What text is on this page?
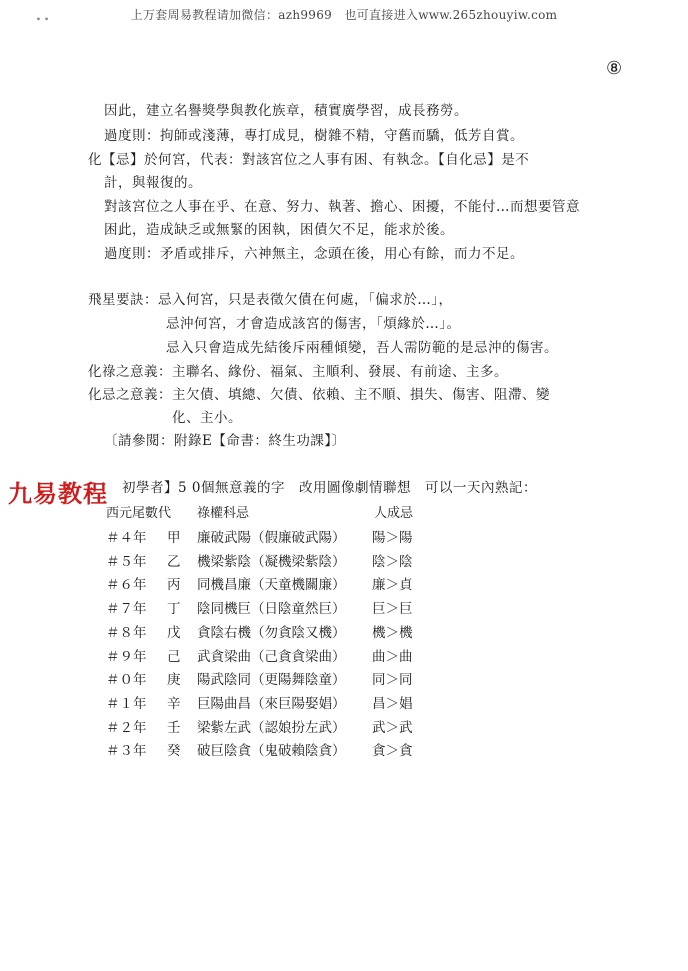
上万套周易教程请加微信：azh9969　也可直接进入www.265zhouyiw.com
∙ ∙
⑧
因此，建立名譽獎學與教化族章，積實廣學習，成長務勞。
過度則：拘師或淺薄，專打成見，樹雜不精，守舊而驕，低芳自賞。
化【忌】於何宮，代表：對該宮位之人事有困、有執念。【自化忌】是不
計，與報復的。
對該宮位之人事在乎、在意、努力、執著、擔心、困擾，不能付…而想要管意
困此，造成缺乏或無緊的困執，困債欠不足，能求於後。
過度則：矛盾或排斥，六神無主，念頭在後，用心有餘，而力不足。
飛星要訣：忌入何宮，只是表徵欠債在何處，「偏求於…」，
忌沖何宮，才會造成該宮的傷害，「煩緣於…」。
忌入只會造成先結後斥兩種傾變，吾人需防範的是忌沖的傷害。
化祿之意義：主聯名、緣份、福氣、主順利、發展、有前途、主多。
化忌之意義：主欠債、填總、欠債、依賴、主不順、損失、傷害、阻滯、變
化、主小。
〔請參閱：附錄E【命書：終生功課】〕
九易教程 初學者】5 0個無意義的字　改用圖像劇情聯想　可以一天內熟記：
西元尾數代 祿權科忌	人成忌
＃４年 甲 廉破武陽（假廉破武陽） 陽＞陽
＃５年 乙 機梁紫陰（凝機梁紫陰） 陰＞陰
＃６年 丙 同機昌廉（天童機關廉） 廉＞貞
＃７年 丁 陰同機巨（日陰童然巨） 巨＞巨
＃８年 戊 貪陰右機（勿貪陰又機） 機＞機
＃９年 己 武貪梁曲（己貪貪梁曲） 曲＞曲
＃０年 庚 陽武陰同（更陽舞陰童） 同＞同
＃１年 辛 巨陽曲昌（來巨陽娶娼） 昌＞娼
＃２年 壬 梁紫左武（認娘扮左武） 武＞武
＃３年 癸 破巨陰貪（鬼破賴陰貪） 貪＞貪
